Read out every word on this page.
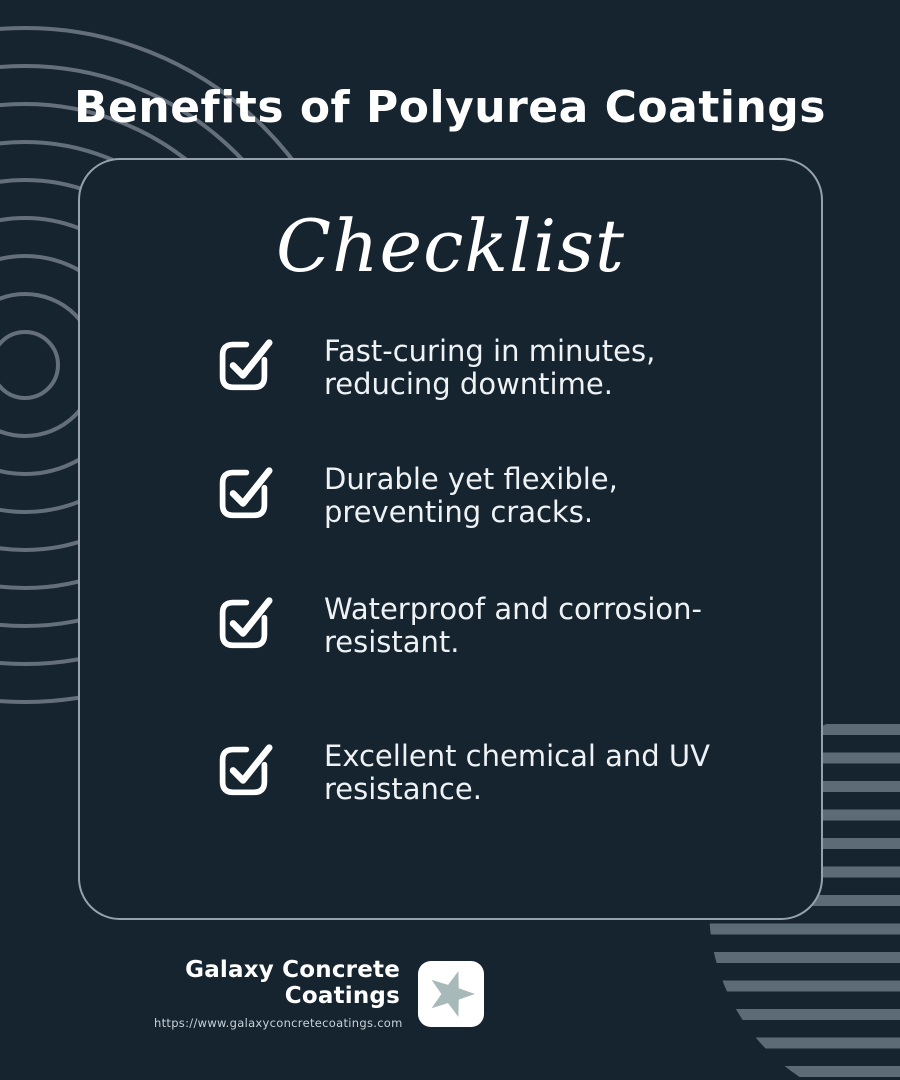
Benefits of Polyurea Coatings
Checklist
Fast-curing in minutes,
reducing downtime.
Durable yet flexible,
preventing cracks.
Waterproof and corrosion-
resistant.
Excellent chemical and UV
resistance.
Galaxy Concrete Coatings
https://www.galaxyconcretecoatings.com
